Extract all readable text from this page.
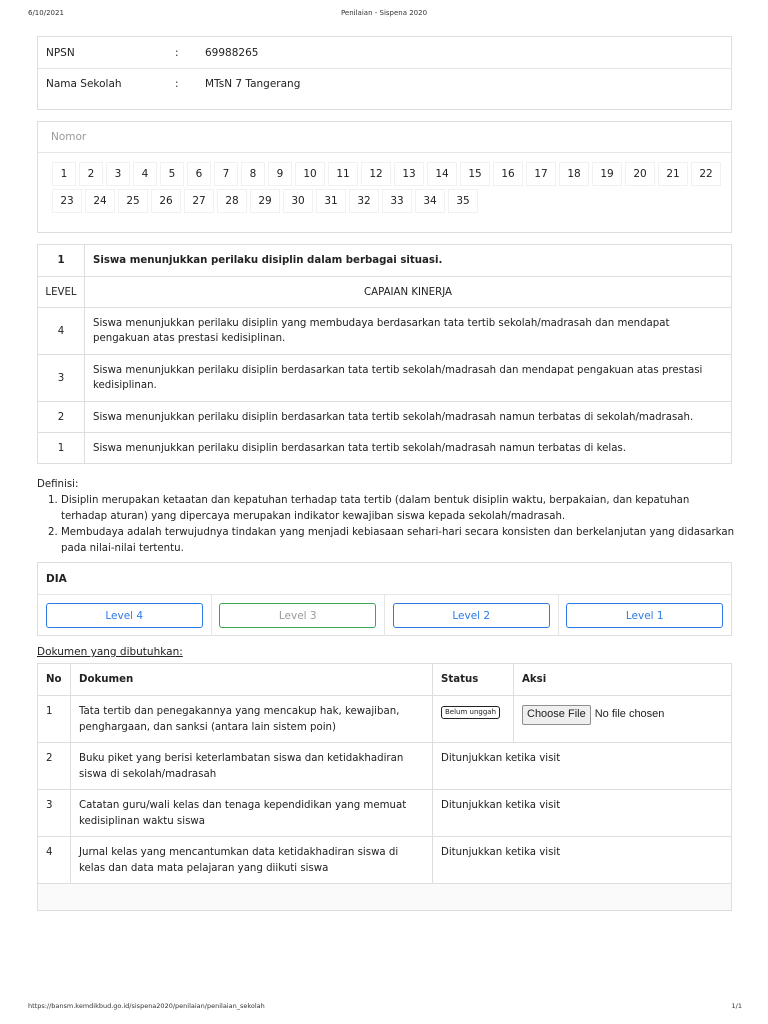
6/10/2021	Penilaian - Sispena 2020
NPSN	:	69988265
Nama Sekolah	:	MTsN 7 Tangerang
Nomor
1	2	3	4	5	6	7	8	9	10	11	12	13	14	15	16	17	18	19	20	21	22
23	24	25	26	27	28	29	30	31	32	33	34	35
1	Siswa menunjukkan perilaku disiplin dalam berbagai situasi.
LEVEL	CAPAIAN KINERJA
4	Siswa menunjukkan perilaku disiplin yang membudaya berdasarkan tata tertib sekolah/madrasah dan mendapat pengakuan atas prestasi kedisiplinan.
3	Siswa menunjukkan perilaku disiplin berdasarkan tata tertib sekolah/madrasah dan mendapat pengakuan atas prestasi kedisiplinan.
2	Siswa menunjukkan perilaku disiplin berdasarkan tata tertib sekolah/madrasah namun terbatas di sekolah/madrasah.
1	Siswa menunjukkan perilaku disiplin berdasarkan tata tertib sekolah/madrasah namun terbatas di kelas.
Definisi:
1. Disiplin merupakan ketaatan dan kepatuhan terhadap tata tertib (dalam bentuk disiplin waktu, berpakaian, dan kepatuhan terhadap aturan) yang dipercaya merupakan indikator kewajiban siswa kepada sekolah/madrasah.
2. Membudaya adalah terwujudnya tindakan yang menjadi kebiasaan sehari-hari secara konsisten dan berkelanjutan yang didasarkan pada nilai-nilai tertentu.
DIA
Level 4	Level 3	Level 2	Level 1
Dokumen yang dibutuhkan:
No	Dokumen	Status	Aksi
1	Tata tertib dan penegakannya yang mencakup hak, kewajiban, penghargaan, dan sanksi (antara lain sistem poin)	Belum unggah	Choose File No file chosen

2	Buku piket yang berisi keterlambatan siswa dan ketidakhadiran siswa di sekolah/madrasah	Ditunjukkan ketika visit	
3	Catatan guru/wali kelas dan tenaga kependidikan yang memuat kedisiplinan waktu siswa	Ditunjukkan ketika visit	
4	Jurnal kelas yang mencantumkan data ketidakhadiran siswa di kelas dan data mata pelajaran yang diikuti siswa	Ditunjukkan ketika visit	

https://bansm.kemdikbud.go.id/sispena2020/penilaian/penilaian_sekolah	1/1
